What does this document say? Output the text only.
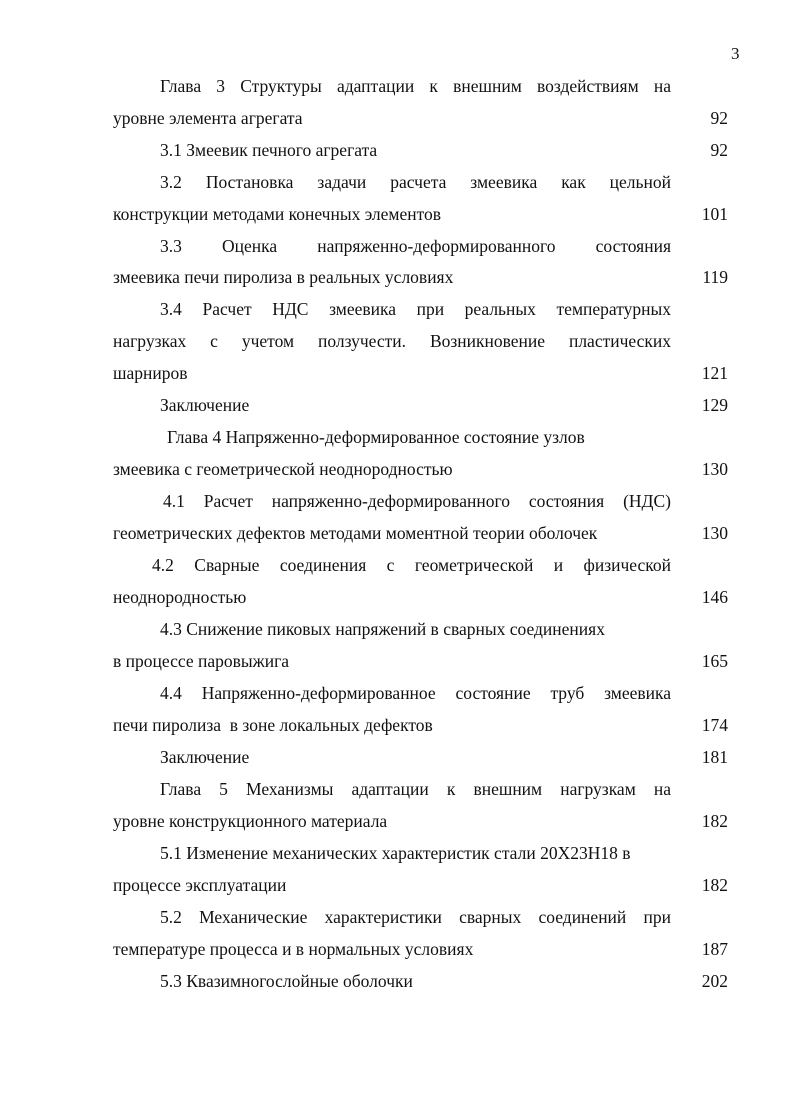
3
Глава 3 Структуры адаптации к внешним воздействиям на
уровне элемента агрегата	92
3.1 Змеевик печного агрегата	92
3.2 Постановка задачи расчета змеевика как цельной
конструкции методами конечных элементов	101
3.3 Оценка напряженно-деформированного состояния
змеевика печи пиролиза в реальных условиях	119
3.4 Расчет НДС змеевика при реальных температурных
нагрузках с учетом ползучести. Возникновение пластических
шарниров	121
Заключение	129
Глава 4 Напряженно-деформированное состояние узлов
змеевика с геометрической неоднородностью	130
4.1 Расчет напряженно-деформированного состояния (НДС)
геометрических дефектов методами моментной теории оболочек	130
4.2 Сварные соединения с геометрической и физической
неоднородностью	146
4.3 Снижение пиковых напряжений в сварных соединениях
в процессе паровыжига	165
4.4 Напряженно-деформированное состояние труб змеевика
печи пиролиза  в зоне локальных дефектов	174
Заключение	181
Глава 5 Механизмы адаптации к внешним нагрузкам на
уровне конструкционного материала	182
5.1 Изменение механических характеристик стали 20Х23Н18 в
процессе эксплуатации	182
5.2 Механические характеристики сварных соединений при
температуре процесса и в нормальных условиях	187
5.3 Квазимногослойные оболочки	202
